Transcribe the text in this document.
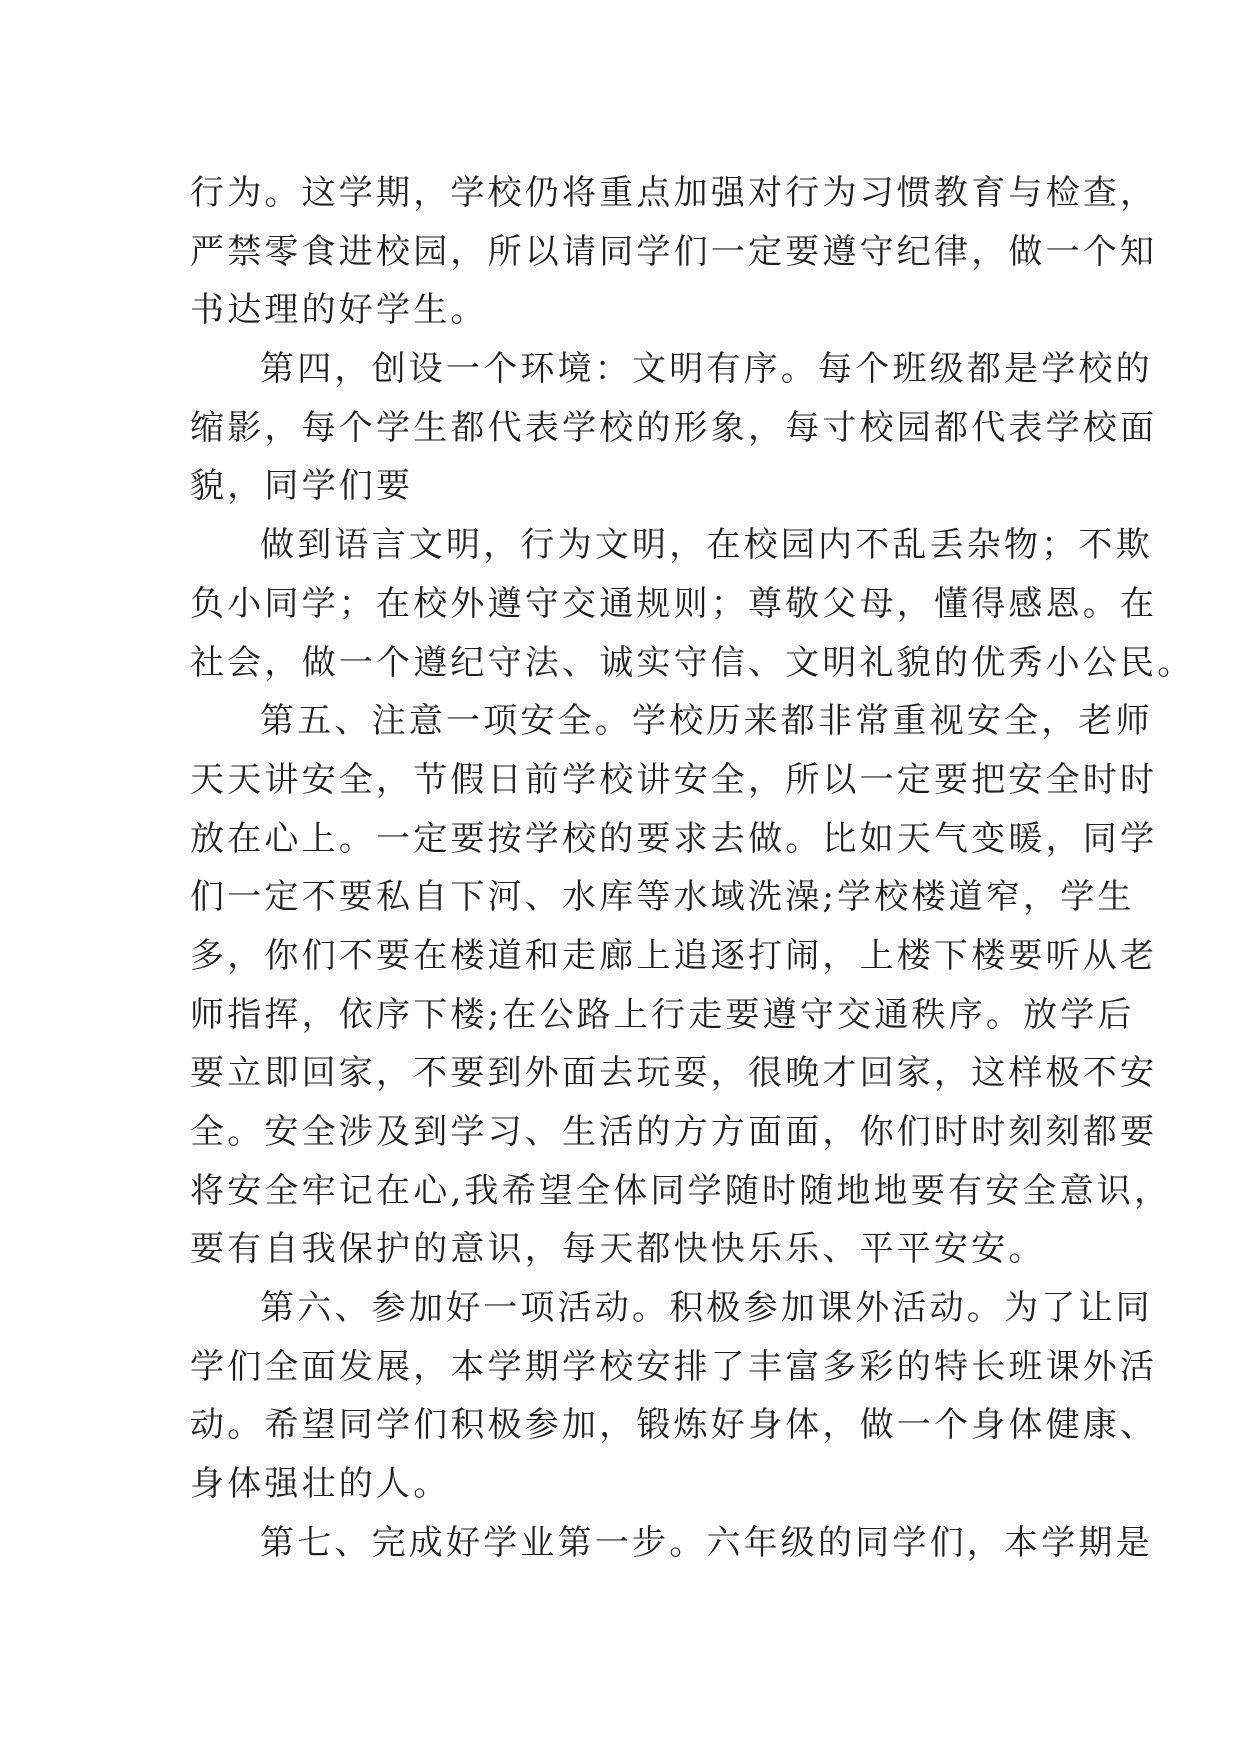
行为。这学期，学校仍将重点加强对行为习惯教育与检查，
严禁零食进校园，所以请同学们一定要遵守纪律，做一个知
书达理的好学生。
第四，创设一个环境：文明有序。每个班级都是学校的
缩影，每个学生都代表学校的形象，每寸校园都代表学校面
貌，同学们要
做到语言文明，行为文明，在校园内不乱丢杂物；不欺
负小同学；在校外遵守交通规则；尊敬父母，懂得感恩。在
社会，做一个遵纪守法、诚实守信、文明礼貌的优秀小公民。
第五、注意一项安全。学校历来都非常重视安全，老师
天天讲安全，节假日前学校讲安全，所以一定要把安全时时
放在心上。一定要按学校的要求去做。比如天气变暖，同学
们一定不要私自下河、水库等水域洗澡;学校楼道窄，学生
多，你们不要在楼道和走廊上追逐打闹，上楼下楼要听从老
师指挥，依序下楼;在公路上行走要遵守交通秩序。放学后
要立即回家，不要到外面去玩耍，很晚才回家，这样极不安
全。安全涉及到学习、生活的方方面面，你们时时刻刻都要
将安全牢记在心,我希望全体同学随时随地地要有安全意识，
要有自我保护的意识，每天都快快乐乐、平平安安。
第六、参加好一项活动。积极参加课外活动。为了让同
学们全面发展，本学期学校安排了丰富多彩的特长班课外活
动。希望同学们积极参加，锻炼好身体，做一个身体健康、
身体强壮的人。
第七、完成好学业第一步。六年级的同学们，本学期是
